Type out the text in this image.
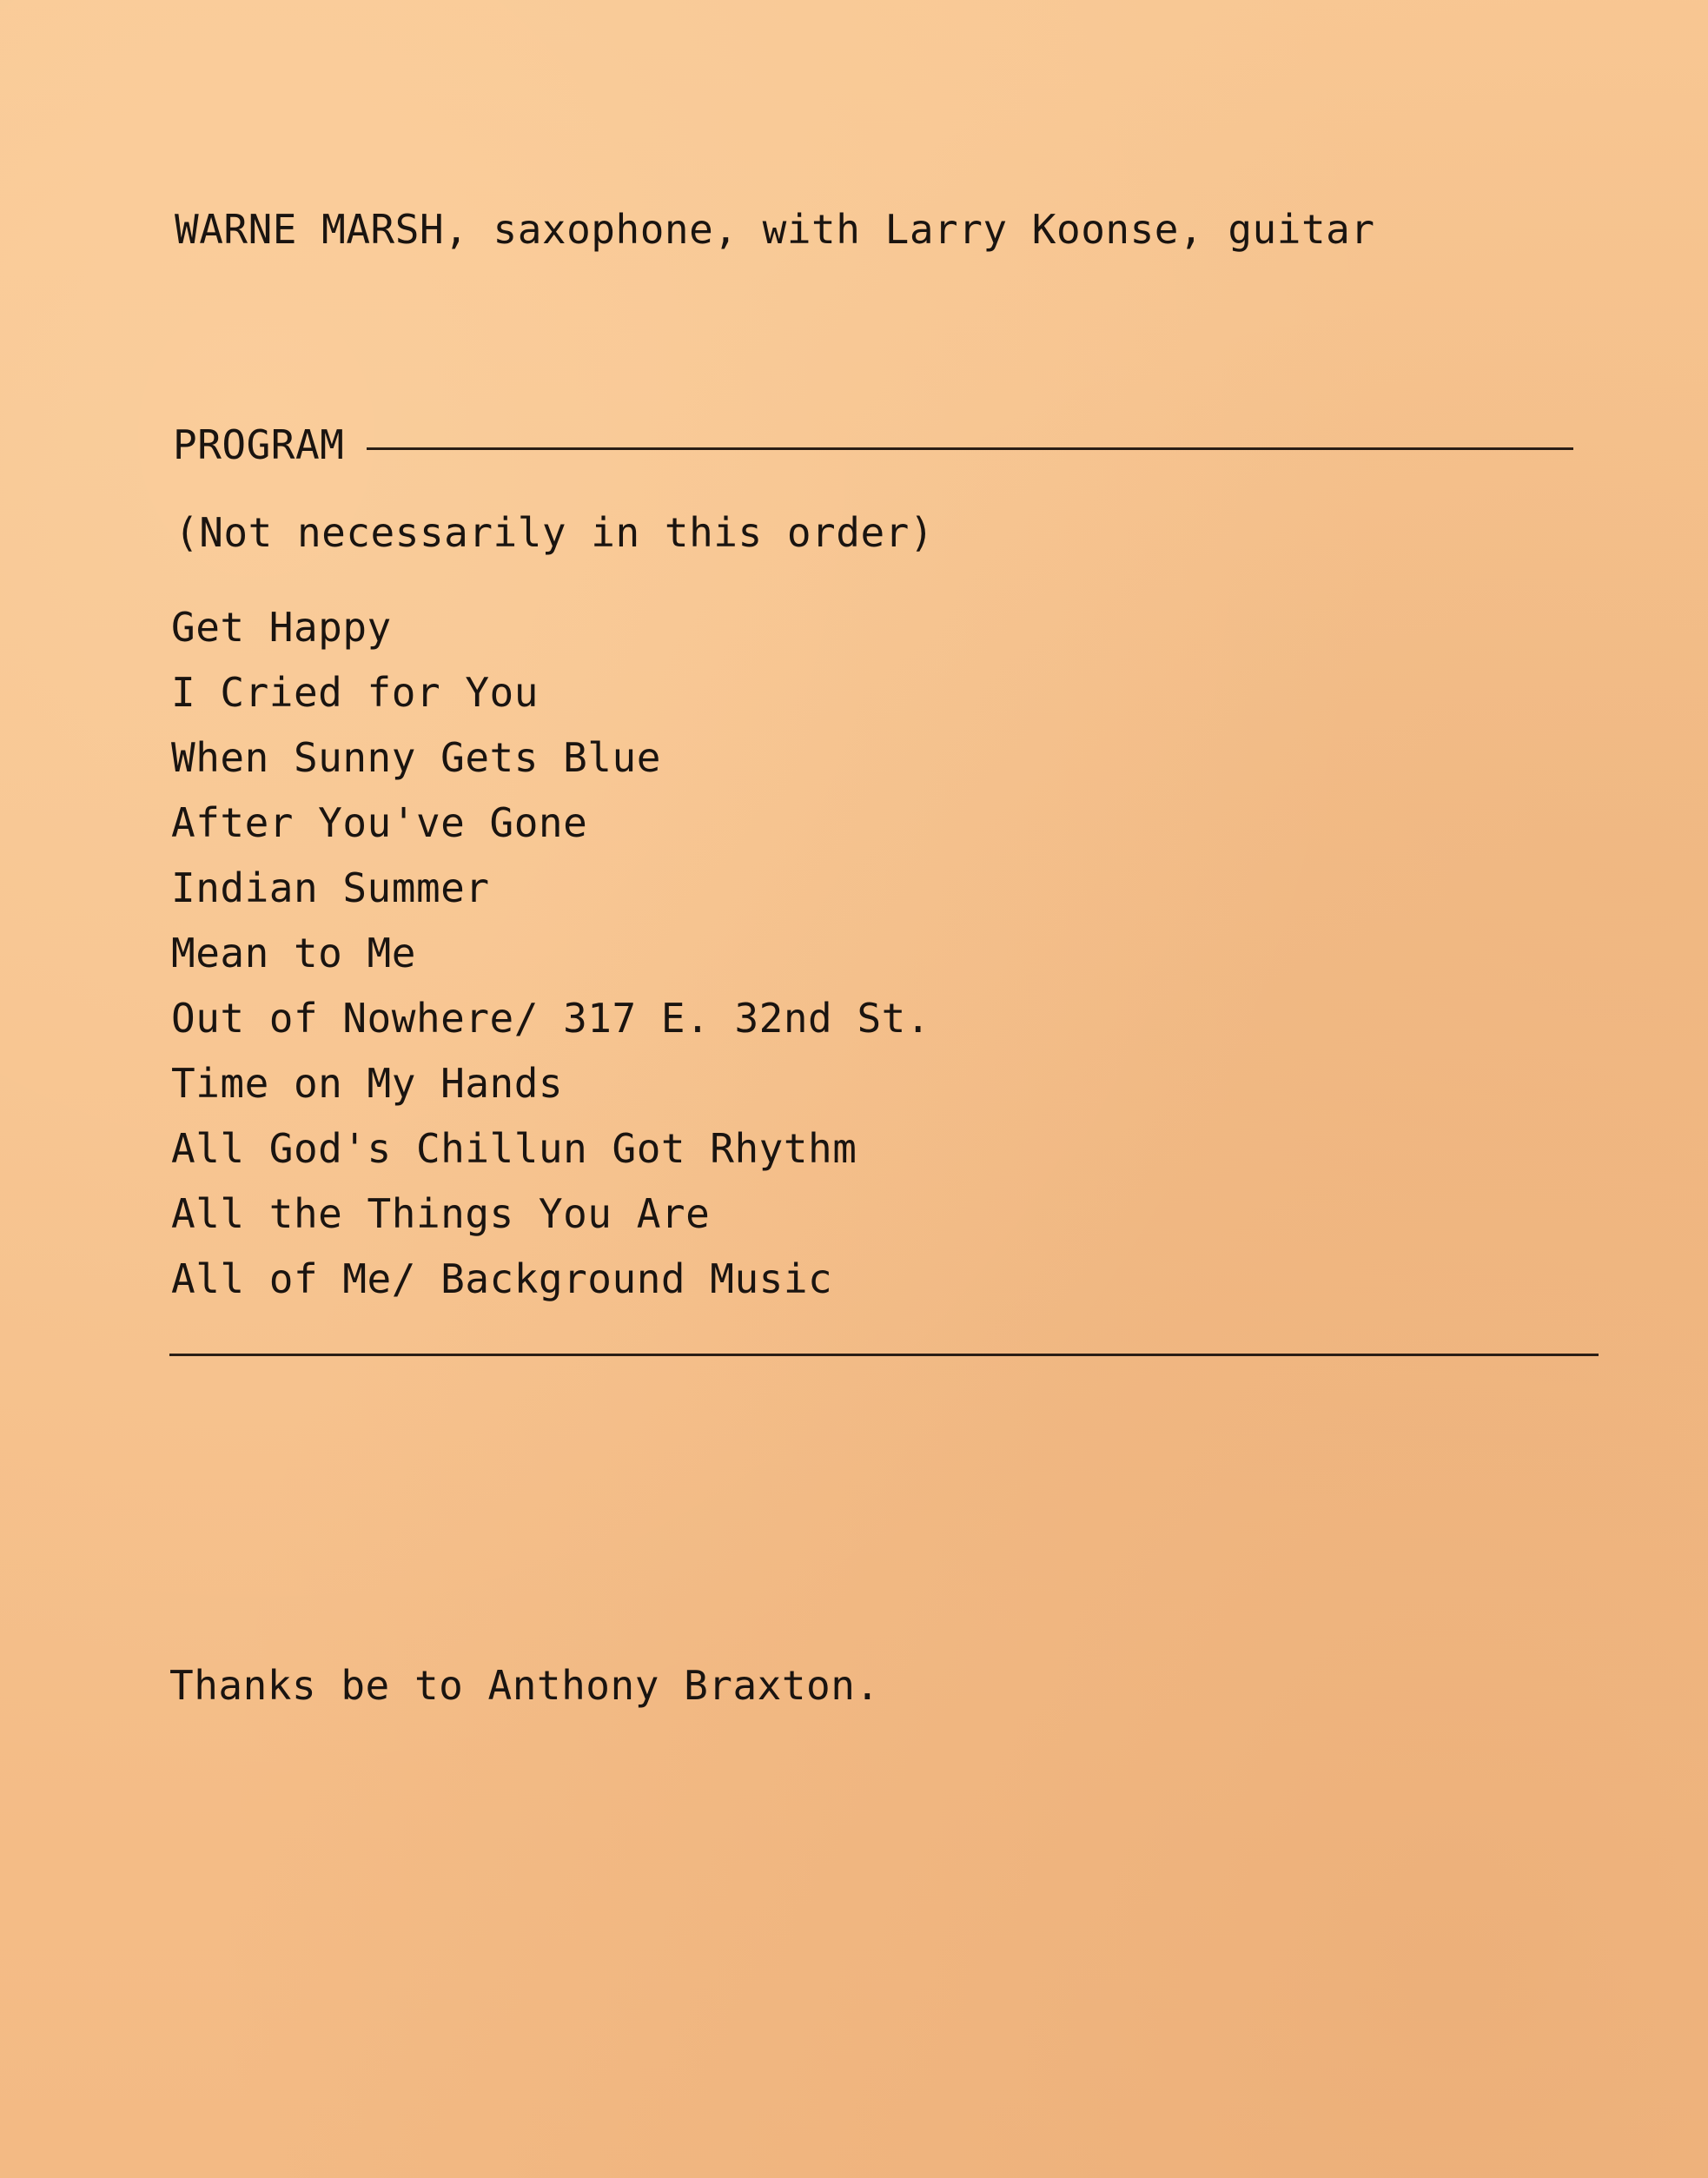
WARNE MARSH, saxophone, with Larry Koonse, guitar
PROGRAM
(Not necessarily in this order)
Get Happy
I Cried for You
When Sunny Gets Blue
After You've Gone
Indian Summer
Mean to Me
Out of Nowhere/ 317 E. 32nd St.
Time on My Hands
All God's Chillun Got Rhythm
All the Things You Are
All of Me/ Background Music
Thanks be to Anthony Braxton.
